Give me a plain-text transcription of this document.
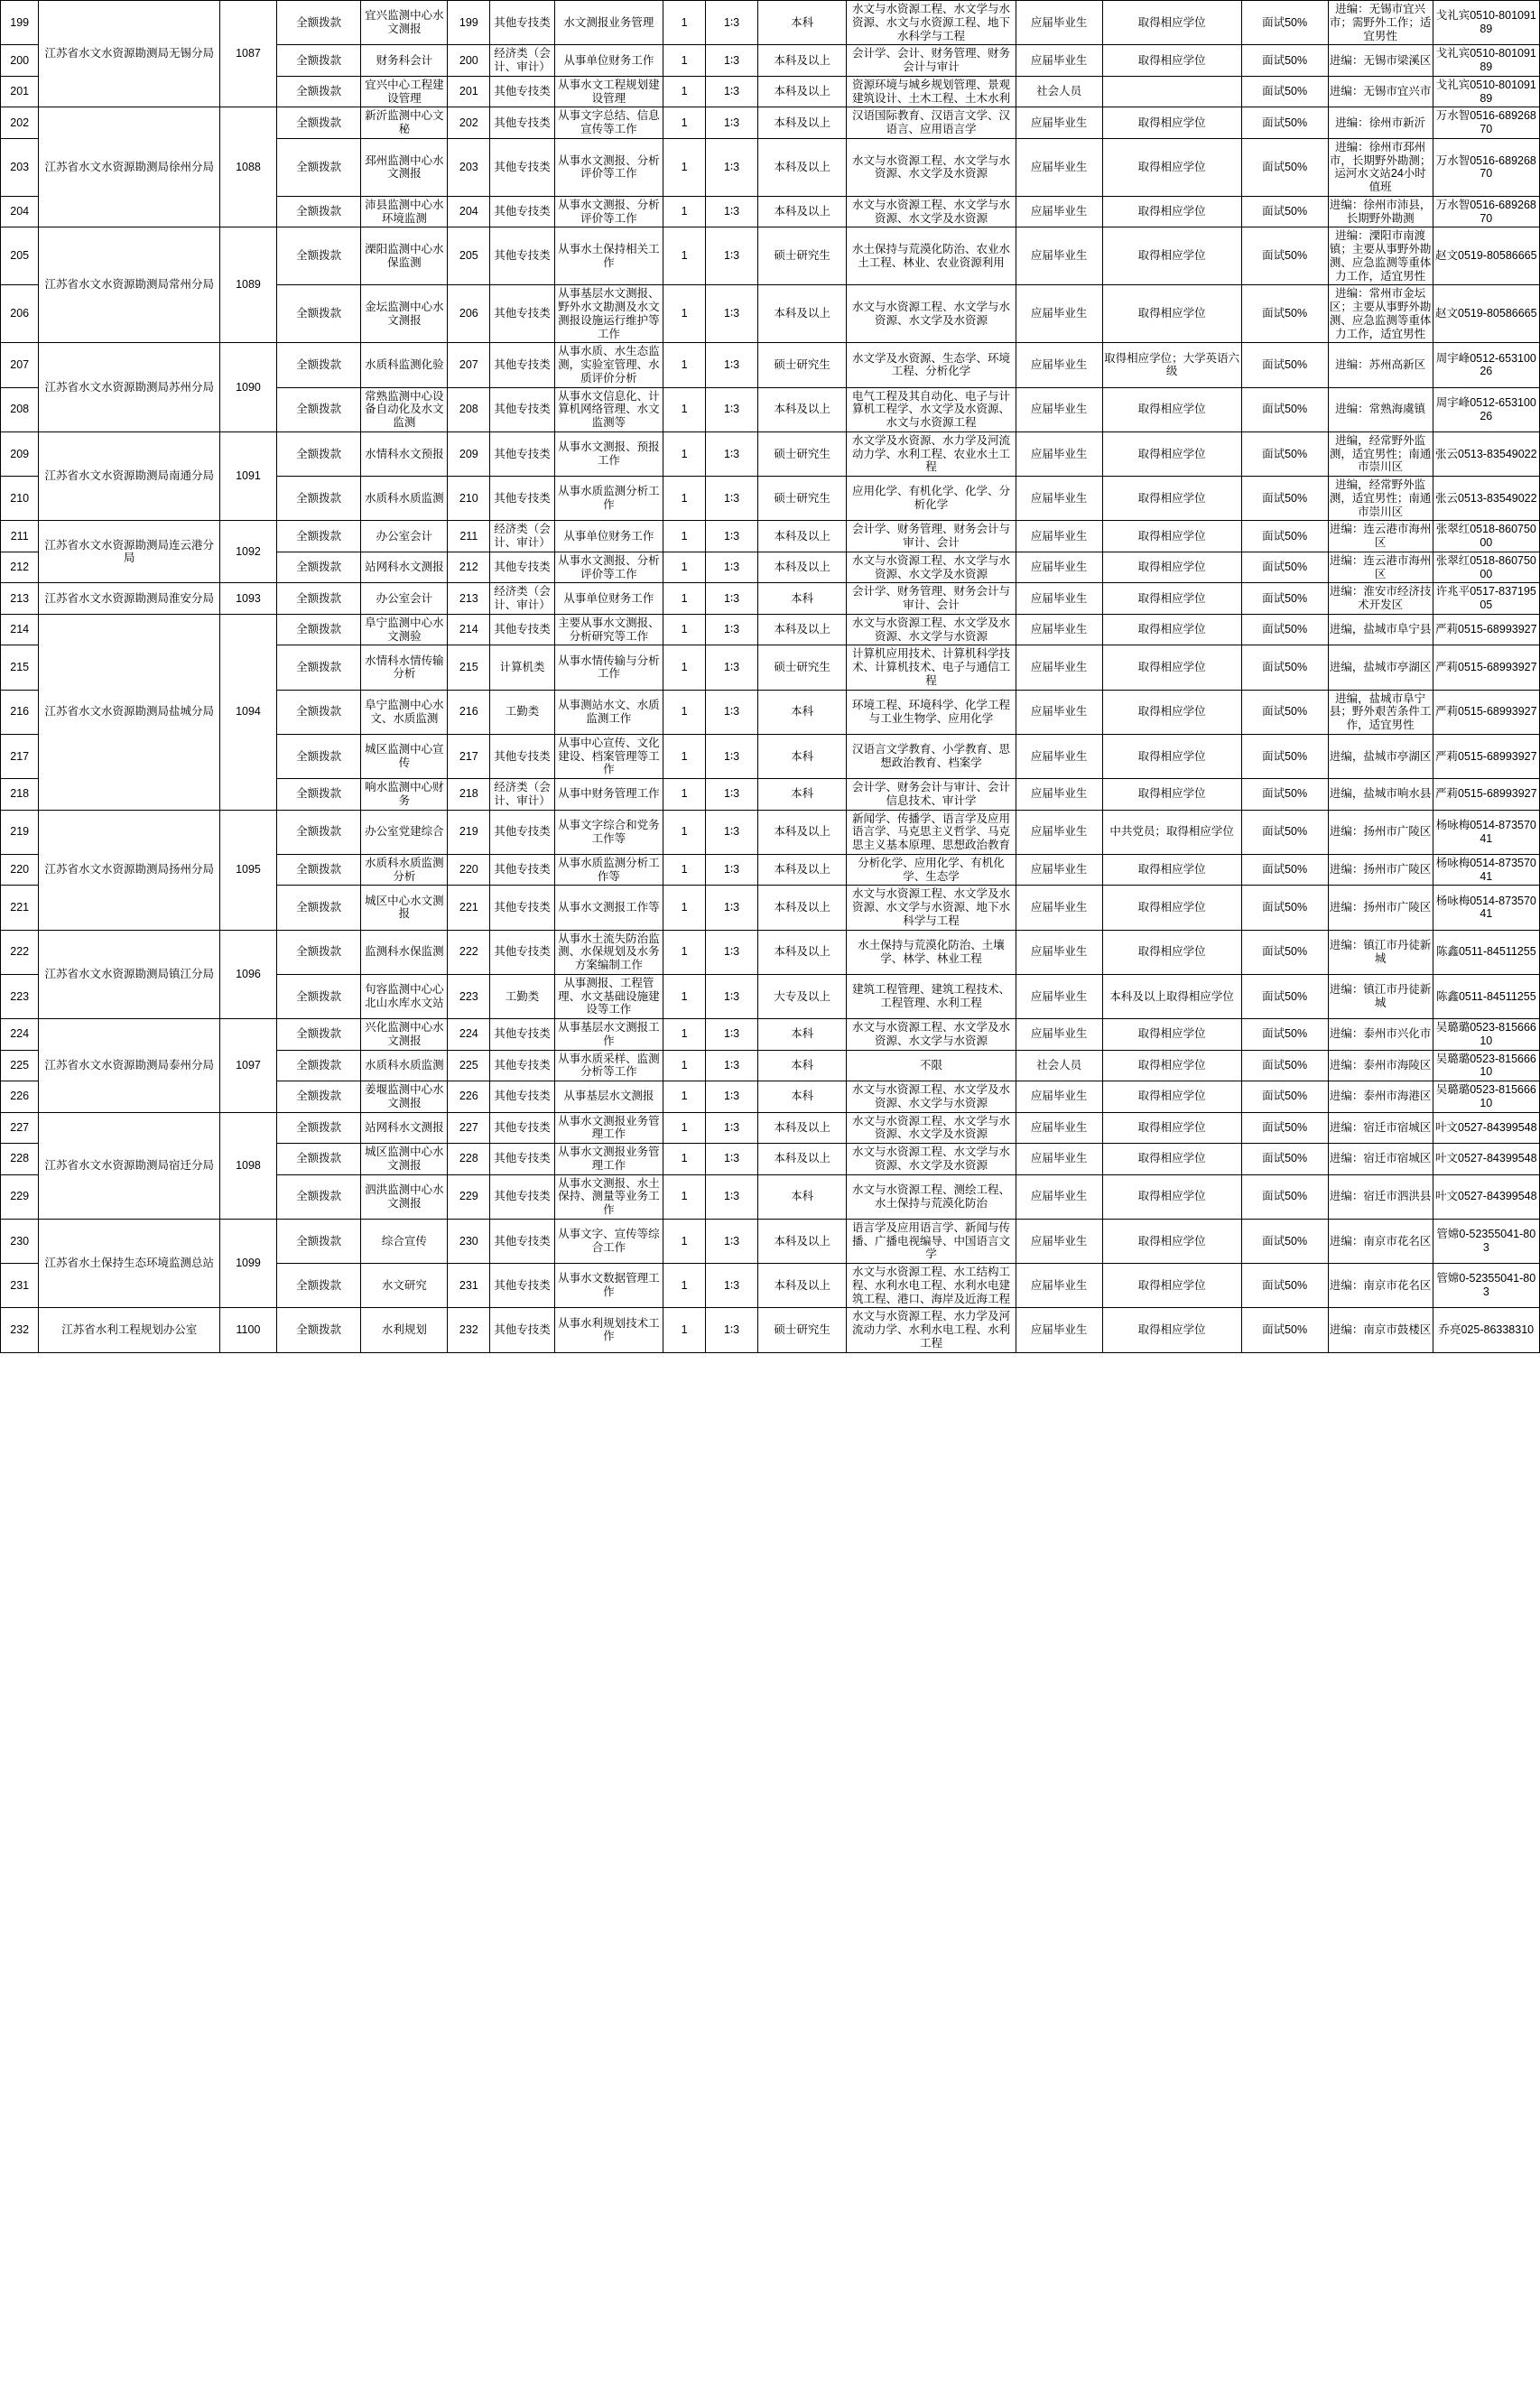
199	江苏省水文水资源勘测局无锡分局	1087	全额拨款	宜兴监测中心水文测报	199	其他专技类	水文测报业务管理	1	1∶3	本科	水文与水资源工程、水文学与水资源、水文与水资源工程、地下水科学与工程	应届毕业生	取得相应学位	面试50%	进编：无锡市宜兴市；需野外工作；适宜男性	戈礼宾0510-80109189
200			全额拨款	财务科会计	200	经济类（会计、审计）	从事单位财务工作	1	1∶3	本科及以上	会计学、会计、财务管理、财务会计与审计	应届毕业生	取得相应学位	面试50%	进编：无锡市梁溪区	戈礼宾0510-80109189
201			全额拨款	宜兴中心工程建设管理	201	其他专技类	从事水文工程规划建设管理	1	1∶3	本科及以上	资源环境与城乡规划管理、景观建筑设计、土木工程、土木水利	社会人员		面试50%	进编：无锡市宜兴市	戈礼宾0510-80109189
202	江苏省水文水资源勘测局徐州分局	1088	全额拨款	新沂监测中心文秘	202	其他专技类	从事文字总结、信息宣传等工作	1	1∶3	本科及以上	汉语国际教育、汉语言文学、汉语言、应用语言学	应届毕业生	取得相应学位	面试50%	进编：徐州市新沂	万水智0516-68926870
203			全额拨款	邳州监测中心水文测报	203	其他专技类	从事水文测报、分析评价等工作	1	1∶3	本科及以上	水文与水资源工程、水文学与水资源、水文学及水资源	应届毕业生	取得相应学位	面试50%	进编：徐州市邳州市，长期野外勘测；运河水文站24小时值班	万水智0516-68926870
204			全额拨款	沛县监测中心水环境监测	204	其他专技类	从事水文测报、分析评价等工作	1	1∶3	本科及以上	水文与水资源工程、水文学与水资源、水文学及水资源	应届毕业生	取得相应学位	面试50%	进编：徐州市沛县，长期野外勘测	万水智0516-68926870
205	江苏省水文水资源勘测局常州分局	1089	全额拨款	溧阳监测中心水保监测	205	其他专技类	从事水土保持相关工作	1	1∶3	硕士研究生	水土保持与荒漠化防治、农业水土工程、林业、农业资源利用	应届毕业生	取得相应学位	面试50%	进编：溧阳市南渡镇；主要从事野外勘测、应急监测等重体力工作，适宜男性	赵文0519-80586665
206			全额拨款	金坛监测中心水文测报	206	其他专技类	从事基层水文测报、野外水文勘测及水文测报设施运行维护等工作	1	1∶3	本科及以上	水文与水资源工程、水文学与水资源、水文学及水资源	应届毕业生	取得相应学位	面试50%	进编：常州市金坛区；主要从事野外勘测、应急监测等重体力工作，适宜男性	赵文0519-80586665
207	江苏省水文水资源勘测局苏州分局	1090	全额拨款	水质科监测化验	207	其他专技类	从事水质、水生态监测，实验室管理、水质评价分析	1	1∶3	硕士研究生	水文学及水资源、生态学、环境工程、分析化学	应届毕业生	取得相应学位；大学英语六级	面试50%	进编：苏州高新区	周宇峰0512-65310026
208			全额拨款	常熟监测中心设备自动化及水文监测	208	其他专技类	从事水文信息化、计算机网络管理、水文监测等	1	1∶3	本科及以上	电气工程及其自动化、电子与计算机工程学、水文学及水资源、水文与水资源工程	应届毕业生	取得相应学位	面试50%	进编：常熟海虞镇	周宇峰0512-65310026
209	江苏省水文水资源勘测局南通分局	1091	全额拨款	水情科水文预报	209	其他专技类	从事水文测报、预报工作	1	1∶3	硕士研究生	水文学及水资源、水力学及河流动力学、水利工程、农业水土工程	应届毕业生	取得相应学位	面试50%	进编，经常野外监测，适宜男性；南通市崇川区	张云0513-83549022
210			全额拨款	水质科水质监测	210	其他专技类	从事水质监测分析工作	1	1∶3	硕士研究生	应用化学、有机化学、化学、分析化学	应届毕业生	取得相应学位	面试50%	进编，经常野外监测，适宜男性；南通市崇川区	张云0513-83549022
211	江苏省水文水资源勘测局连云港分局	1092	全额拨款	办公室会计	211	经济类（会计、审计）	从事单位财务工作	1	1∶3	本科及以上	会计学、财务管理、财务会计与审计、会计	应届毕业生	取得相应学位	面试50%	进编：连云港市海州区	张翠红0518-86075000
212			全额拨款	站网科水文测报	212	其他专技类	从事水文测报、分析评价等工作	1	1∶3	本科及以上	水文与水资源工程、水文学与水资源、水文学及水资源	应届毕业生	取得相应学位	面试50%	进编：连云港市海州区	张翠红0518-86075000
213	江苏省水文水资源勘测局淮安分局	1093	全额拨款	办公室会计	213	经济类（会计、审计）	从事单位财务工作	1	1∶3	本科	会计学、财务管理、财务会计与审计、会计	应届毕业生	取得相应学位	面试50%	进编：淮安市经济技术开发区	许兆平0517-83719505
214	江苏省水文水资源勘测局盐城分局	1094	全额拨款	阜宁监测中心水文测验	214	其他专技类	主要从事水文测报、分析研究等工作	1	1∶3	本科及以上	水文与水资源工程、水文学及水资源、水文学与水资源	应届毕业生	取得相应学位	面试50%	进编，盐城市阜宁县	严莉0515-68993927
215			全额拨款	水情科水情传输分析	215	计算机类	从事水情传输与分析工作	1	1∶3	硕士研究生	计算机应用技术、计算机科学技术、计算机技术、电子与通信工程	应届毕业生	取得相应学位	面试50%	进编，盐城市亭湖区	严莉0515-68993927
216			全额拨款	阜宁监测中心水文、水质监测	216	工勤类	从事测站水文、水质监测工作	1	1∶3	本科	环境工程、环境科学、化学工程与工业生物学、应用化学	应届毕业生	取得相应学位	面试50%	进编，盐城市阜宁县；野外艰苦条件工作，适宜男性	严莉0515-68993927
217			全额拨款	城区监测中心宣传	217	其他专技类	从事中心宣传、文化建设、档案管理等工作	1	1∶3	本科	汉语言文学教育、小学教育、思想政治教育、档案学	应届毕业生	取得相应学位	面试50%	进编，盐城市亭湖区	严莉0515-68993927
218			全额拨款	响水监测中心财务	218	经济类（会计、审计）	从事中财务管理工作	1	1∶3	本科	会计学、财务会计与审计、会计信息技术、审计学	应届毕业生	取得相应学位	面试50%	进编，盐城市响水县	严莉0515-68993927
219	江苏省水文水资源勘测局扬州分局	1095	全额拨款	办公室党建综合	219	其他专技类	从事文字综合和党务工作等	1	1∶3	本科及以上	新闻学、传播学、语言学及应用语言学、马克思主义哲学、马克思主义基本原理、思想政治教育	应届毕业生	中共党员；取得相应学位	面试50%	进编：扬州市广陵区	杨咏梅0514-87357041
220			全额拨款	水质科水质监测分析	220	其他专技类	从事水质监测分析工作等	1	1∶3	本科及以上	分析化学、应用化学、有机化学、生态学	应届毕业生	取得相应学位	面试50%	进编：扬州市广陵区	杨咏梅0514-87357041
221			全额拨款	城区中心水文测报	221	其他专技类	从事水文测报工作等	1	1∶3	本科及以上	水文与水资源工程、水文学及水资源、水文学与水资源、地下水科学与工程	应届毕业生	取得相应学位	面试50%	进编：扬州市广陵区	杨咏梅0514-87357041
222	江苏省水文水资源勘测局镇江分局	1096	全额拨款	监测科水保监测	222	其他专技类	从事水土流失防治监测、水保规划及水务方案编制工作	1	1∶3	本科及以上	水土保持与荒漠化防治、土壤学、林学、林业工程	应届毕业生	取得相应学位	面试50%	进编：镇江市丹徒新城	陈鑫0511-84511255
223			全额拨款	句容监测中心心北山水库水文站	223	工勤类	从事测报、工程管理、水文基础设施建设等工作	1	1∶3	大专及以上	建筑工程管理、建筑工程技术、工程管理、水利工程	应届毕业生	本科及以上取得相应学位	面试50%	进编：镇江市丹徒新城	陈鑫0511-84511255
224	江苏省水文水资源勘测局泰州分局	1097	全额拨款	兴化监测中心水文测报	224	其他专技类	从事基层水文测报工作	1	1∶3	本科	水文与水资源工程、水文学及水资源、水文学与水资源	应届毕业生	取得相应学位	面试50%	进编：泰州市兴化市	吴璐璐0523-81566610
225			全额拨款	水质科水质监测	225	其他专技类	从事水质采样、监测分析等工作	1	1∶3	本科	不限	社会人员	取得相应学位	面试50%	进编：泰州市海陵区	吴璐璐0523-81566610
226			全额拨款	姜堰监测中心水文测报	226	其他专技类	从事基层水文测报	1	1∶3	本科	水文与水资源工程、水文学及水资源、水文学与水资源	应届毕业生	取得相应学位	面试50%	进编：泰州市海港区	吴璐璐0523-81566610
227	江苏省水文水资源勘测局宿迁分局	1098	全额拨款	站网科水文测报	227	其他专技类	从事水文测报业务管理工作	1	1∶3	本科及以上	水文与水资源工程、水文学与水资源、水文学及水资源	应届毕业生	取得相应学位	面试50%	进编：宿迁市宿城区	叶文0527-84399548
228			全额拨款	城区监测中心水文测报	228	其他专技类	从事水文测报业务管理工作	1	1∶3	本科及以上	水文与水资源工程、水文学与水资源、水文学及水资源	应届毕业生	取得相应学位	面试50%	进编：宿迁市宿城区	叶文0527-84399548
229			全额拨款	泗洪监测中心水文测报	229	其他专技类	从事水文测报、水土保持、测量等业务工作	1	1∶3	本科	水文与水资源工程、测绘工程、水土保持与荒漠化防治	应届毕业生	取得相应学位	面试50%	进编：宿迁市泗洪县	叶文0527-84399548
230	江苏省水土保持生态环境监测总站	1099	全额拨款	综合宣传	230	其他专技类	从事文字、宣传等综合工作	1	1∶3	本科及以上	语言学及应用语言学、新闻与传播、广播电视编导、中国语言文学	应届毕业生	取得相应学位	面试50%	进编：南京市花名区	管嫦0-52355041-803
231			全额拨款	水文研究	231	其他专技类	从事水文数据管理工作	1	1∶3	本科及以上	水文与水资源工程、水工结构工程、水利水电工程、水利水电建筑工程、港口、海岸及近海工程	应届毕业生	取得相应学位	面试50%	进编：南京市花名区	管嫦0-52355041-803
232	江苏省水利工程规划办公室	1100	全额拨款	水利规划	232	其他专技类	从事水利规划技术工作	1	1∶3	硕士研究生	水文与水资源工程、水力学及河流动力学、水利水电工程、水利工程	应届毕业生	取得相应学位	面试50%	进编：南京市鼓楼区	乔亮025-86338310
